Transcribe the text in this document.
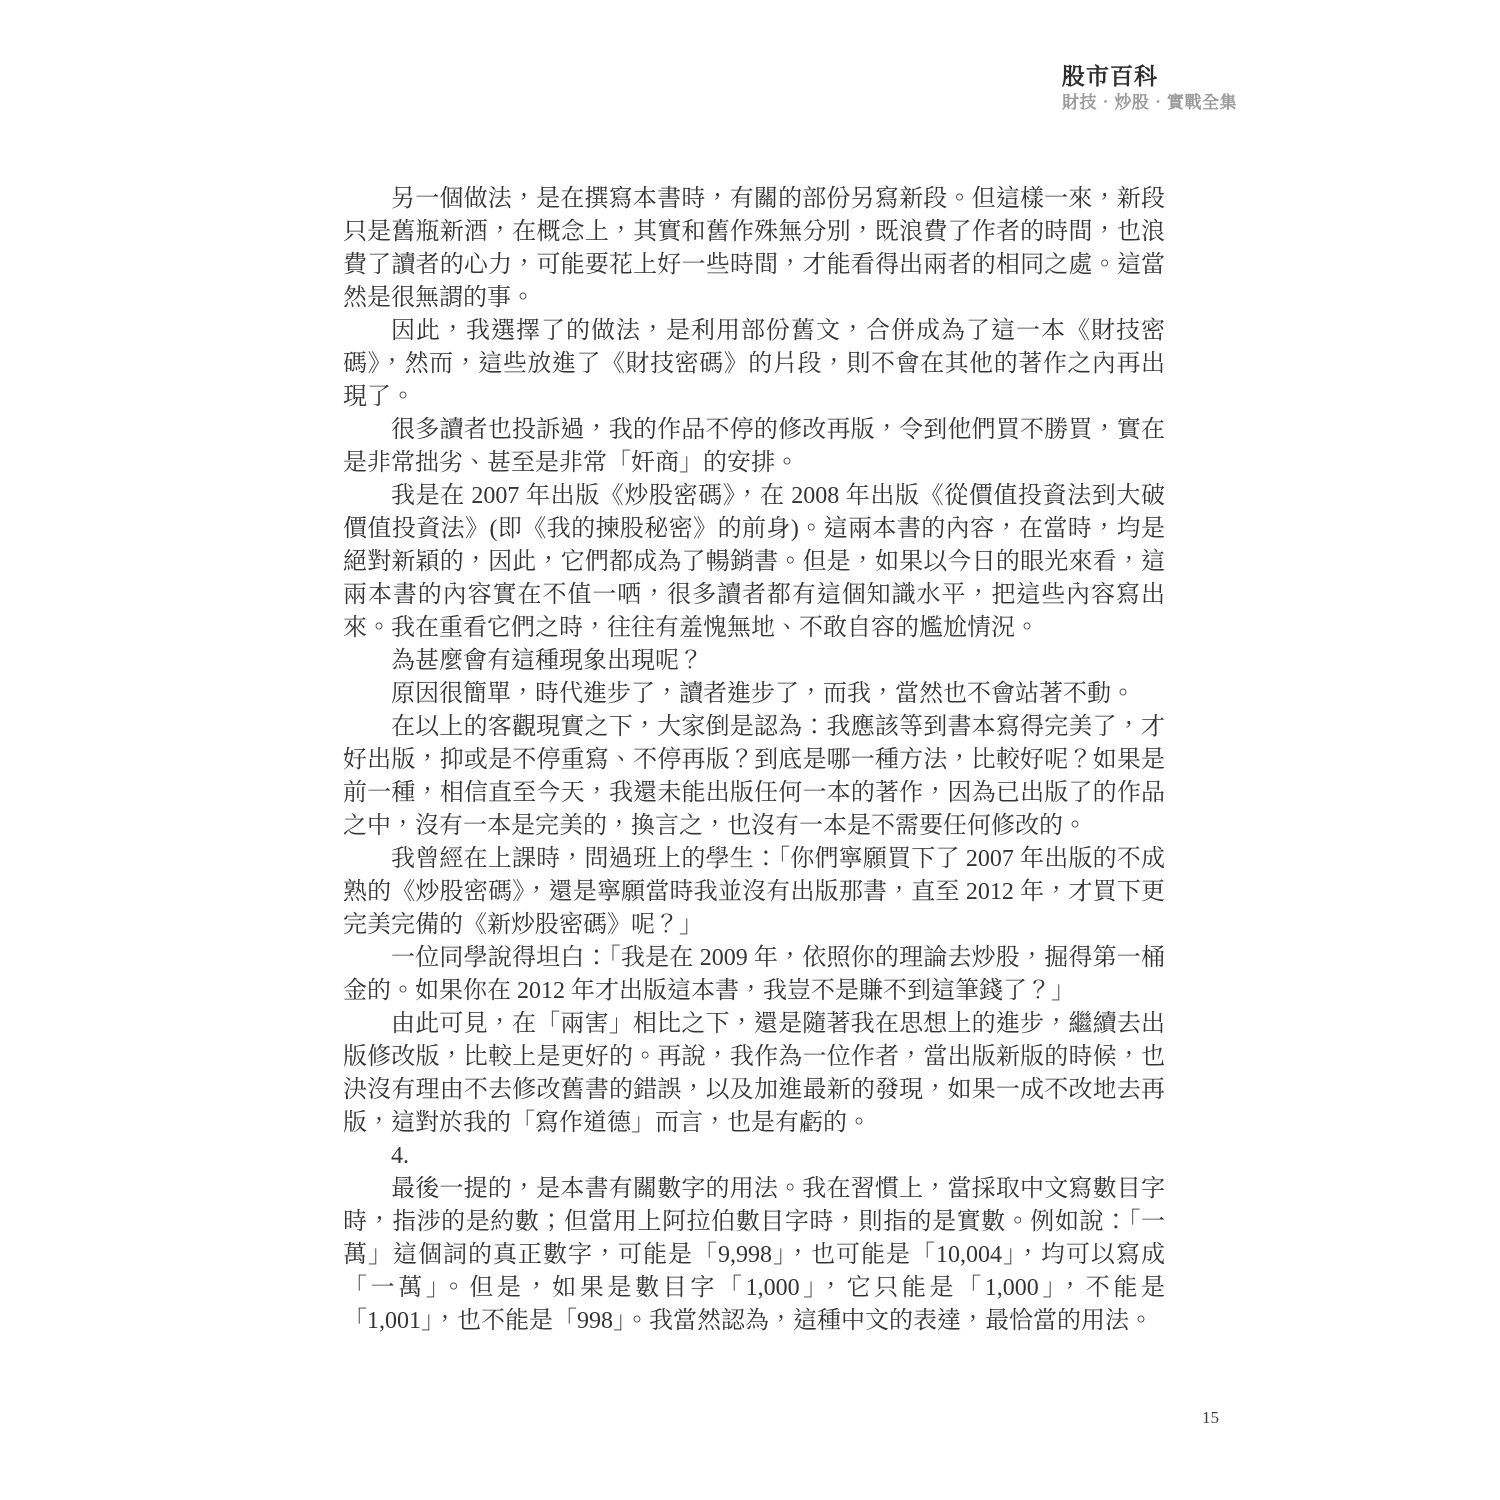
股市百科
財技‧炒股‧實戰全集

另一個做法，是在撰寫本書時，有關的部份另寫新段。但這樣一來，新段只是舊瓶新酒，在概念上，其實和舊作殊無分別，既浪費了作者的時間，也浪費了讀者的心力，可能要花上好一些時間，才能看得出兩者的相同之處。這當然是很無謂的事。

因此，我選擇了的做法，是利用部份舊文，合併成為了這一本《財技密碼》，然而，這些放進了《財技密碼》的片段，則不會在其他的著作之內再出現了。

很多讀者也投訴過，我的作品不停的修改再版，令到他們買不勝買，實在是非常拙劣、甚至是非常「奸商」的安排。

我是在 2007 年出版《炒股密碼》，在 2008 年出版《從價值投資法到大破價值投資法》(即《我的揀股秘密》的前身)。這兩本書的內容，在當時，均是絕對新穎的，因此，它們都成為了暢銷書。但是，如果以今日的眼光來看，這兩本書的內容實在不值一哂，很多讀者都有這個知識水平，把這些內容寫出來。我在重看它們之時，往往有羞愧無地、不敢自容的尷尬情況。

為甚麼會有這種現象出現呢？

原因很簡單，時代進步了，讀者進步了，而我，當然也不會站著不動。

在以上的客觀現實之下，大家倒是認為：我應該等到書本寫得完美了，才好出版，抑或是不停重寫、不停再版？到底是哪一種方法，比較好呢？如果是前一種，相信直至今天，我還未能出版任何一本的著作，因為已出版了的作品之中，沒有一本是完美的，換言之，也沒有一本是不需要任何修改的。

我曾經在上課時，問過班上的學生：「你們寧願買下了 2007 年出版的不成熟的《炒股密碼》，還是寧願當時我並沒有出版那書，直至 2012 年，才買下更完美完備的《新炒股密碼》呢？」

一位同學說得坦白：「我是在 2009 年，依照你的理論去炒股，掘得第一桶金的。如果你在 2012 年才出版這本書，我豈不是賺不到這筆錢了？」

由此可見，在「兩害」相比之下，還是隨著我在思想上的進步，繼續去出版修改版，比較上是更好的。再說，我作為一位作者，當出版新版的時候，也決沒有理由不去修改舊書的錯誤，以及加進最新的發現，如果一成不改地去再版，這對於我的「寫作道德」而言，也是有虧的。

4.

最後一提的，是本書有關數字的用法。我在習慣上，當採取中文寫數目字時，指涉的是約數；但當用上阿拉伯數目字時，則指的是實數。例如說：「一萬」這個詞的真正數字，可能是「9,998」，也可能是「10,004」，均可以寫成「一萬」。但是，如果是數目字「1,000」，它只能是「1,000」，不能是「1,001」，也不能是「998」。我當然認為，這種中文的表達，最恰當的用法。

15
